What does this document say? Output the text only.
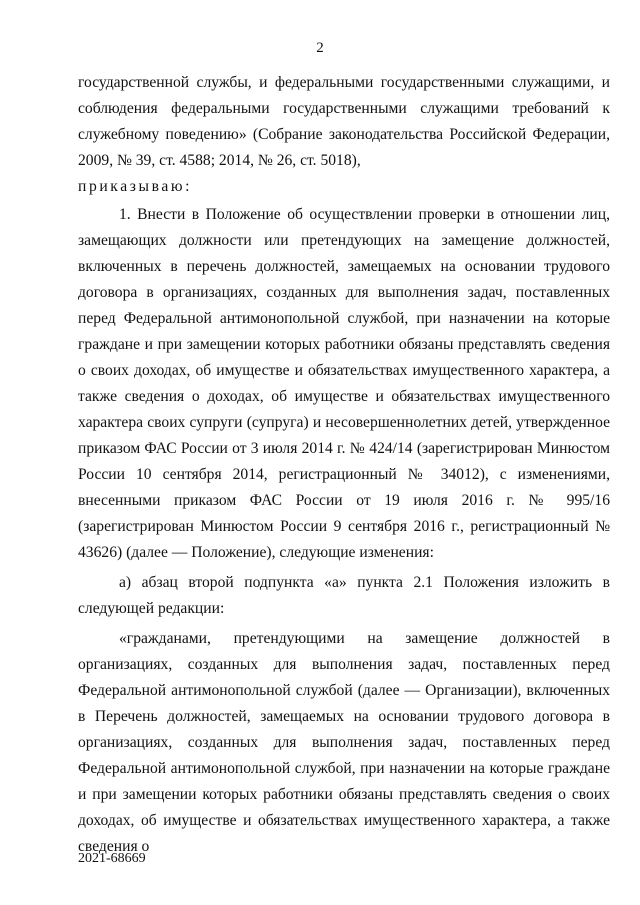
2

государственной службы, и федеральными государственными служащими, и соблюдения федеральными государственными служащими требований к служебному поведению» (Собрание законодательства Российской Федерации, 2009, № 39, ст. 4588; 2014, № 26, ст. 5018),

приказываю:

1. Внести в Положение об осуществлении проверки в отношении лиц, замещающих должности или претендующих на замещение должностей, включенных в перечень должностей, замещаемых на основании трудового договора в организациях, созданных для выполнения задач, поставленных перед Федеральной антимонопольной службой, при назначении на которые граждане и при замещении которых работники обязаны представлять сведения о своих доходах, об имуществе и обязательствах имущественного характера, а также сведения о доходах, об имуществе и обязательствах имущественного характера своих супруги (супруга) и несовершеннолетних детей, утвержденное приказом ФАС России от 3 июля 2014 г. № 424/14 (зарегистрирован Минюстом России 10 сентября 2014, регистрационный № 34012), с изменениями, внесенными приказом ФАС России от 19 июля 2016 г. № 995/16 (зарегистрирован Минюстом России 9 сентября 2016 г., регистрационный № 43626) (далее — Положение), следующие изменения:

а) абзац второй подпункта «а» пункта 2.1 Положения изложить в следующей редакции:

«гражданами, претендующими на замещение должностей в организациях, созданных для выполнения задач, поставленных перед Федеральной антимонопольной службой (далее — Организации), включенных в Перечень должностей, замещаемых на основании трудового договора в организациях, созданных для выполнения задач, поставленных перед Федеральной антимонопольной службой, при назначении на которые граждане и при замещении которых работники обязаны представлять сведения о своих доходах, об имуществе и обязательствах имущественного характера, а также сведения о

2021-68669
